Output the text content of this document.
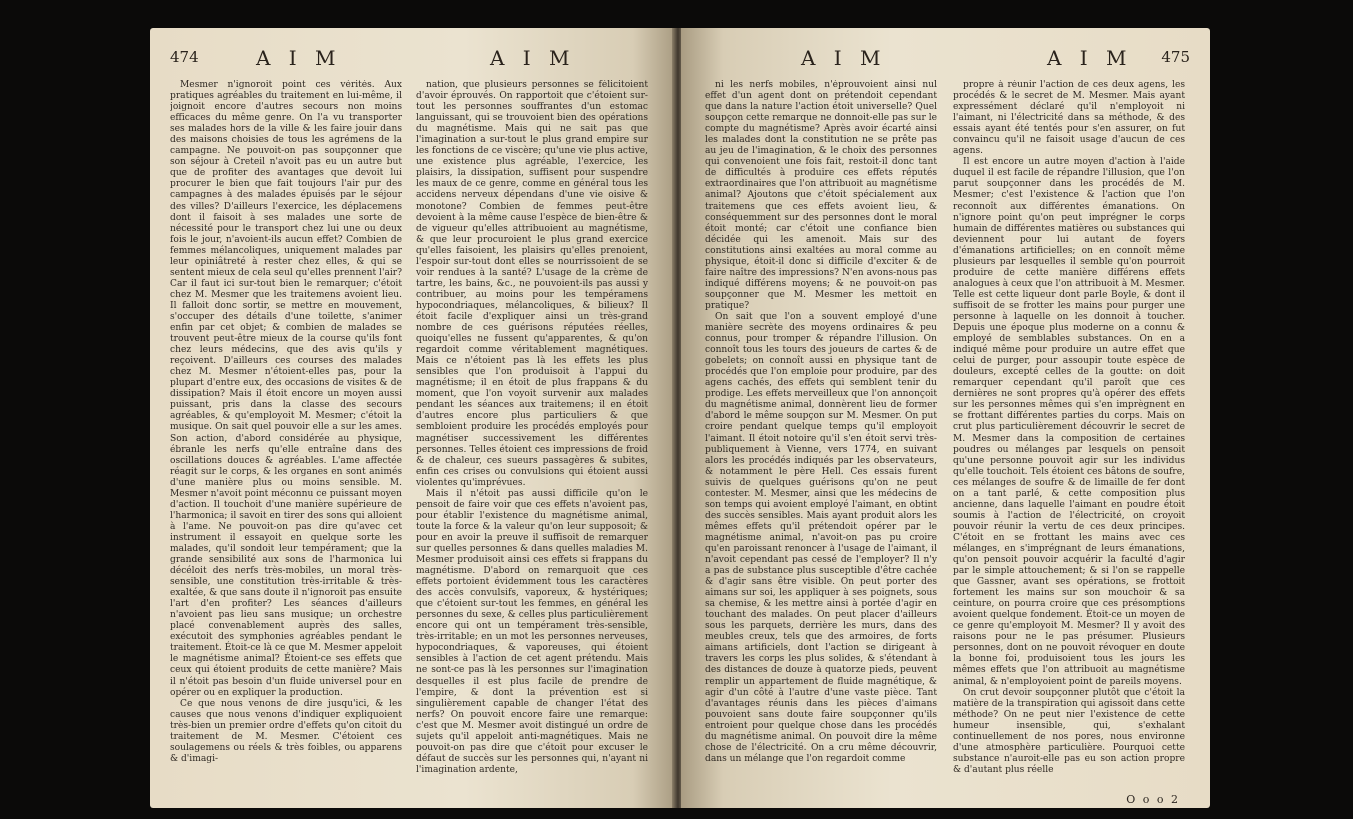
474	A I M	A I M

Mesmer n'ignoroit point ces vérités. Aux pratiques agréables du traitement en lui-même, il joignoit encore d'autres secours non moins efficaces du même genre. On l'a vu transporter ses malades hors de la ville & les faire jouir dans des maisons choisies de tous les agrémens de la campagne. Ne pouvoit-on pas soupçonner que son séjour à Creteil n'avoit pas eu un autre but que de profiter des avantages que devoit lui procurer le bien que fait toujours l'air pur des campagnes à des malades épuisés par le séjour des villes? D'ailleurs l'exercice, les déplacemens dont il faisoit à ses malades une sorte de nécessité pour le transport chez lui une ou deux fois le jour, n'avoient-ils aucun effet? Combien de femmes mélancoliques, uniquement malades par leur opiniâtreté à rester chez elles, & qui se sentent mieux de cela seul qu'elles prennent l'air? Car il faut ici sur-tout bien le remarquer; c'étoit chez M. Mesmer que les traitemens avoient lieu. Il falloit donc sortir, se mettre en mouvement, s'occuper des détails d'une toilette, s'animer enfin par cet objet; & combien de malades se trouvent peut-être mieux de la course qu'ils font chez leurs médecins, que des avis qu'ils y reçoivent. D'ailleurs ces courses des malades chez M. Mesmer n'étoient-elles pas, pour la plupart d'entre eux, des occasions de visites & de dissipation? Mais il étoit encore un moyen aussi puissant, pris dans la classe des secours agréables, & qu'employoit M. Mesmer; c'étoit la musique. On sait quel pouvoir elle a sur les ames. Son action, d'abord considérée au physique, ébranle les nerfs qu'elle entraîne dans des oscillations douces & agréables. L'ame affectée réagit sur le corps, & les organes en sont animés d'une manière plus ou moins sensible. M. Mesmer n'avoit point méconnu ce puissant moyen d'action. Il touchoit d'une manière supérieure de l'harmonica; il savoit en tirer des sons qui alloient à l'ame. Ne pouvoit-on pas dire qu'avec cet instrument il essayoit en quelque sorte les malades, qu'il sondoit leur tempérament; que la grande sensibilité aux sons de l'harmonica lui décéloit des nerfs très-mobiles, un moral très-sensible, une constitution très-irritable & très-exaltée, & que sans doute il n'ignoroit pas ensuite l'art d'en profiter? Les séances d'ailleurs n'avoient pas lieu sans musique; un orchestre placé convenablement auprès des salles, exécutoit des symphonies agréables pendant le traitement. Étoit-ce là ce que M. Mesmer appeloit le magnétisme animal? Étoient-ce ses effets que ceux qui étoient produits de cette manière? Mais il n'étoit pas besoin d'un fluide universel pour en opérer ou en expliquer la production.

Ce que nous venons de dire jusqu'ici, & les causes que nous venons d'indiquer expliquoient très-bien un premier ordre d'effets qu'on citoit du traitement de M. Mesmer. C'étoient ces soulagemens ou réels & très foibles, ou apparens & d'imagi-

nation, que plusieurs personnes se félicitoient d'avoir éprouvés. On rapportoit que c'étoient sur-tout les personnes souffrantes d'un estomac languissant, qui se trouvoient bien des opérations du magnétisme. Mais qui ne sait pas que l'imagination a sur-tout le plus grand empire sur les fonctions de ce viscère; qu'une vie plus active, une existence plus agréable, l'exercice, les plaisirs, la dissipation, suffisent pour suspendre les maux de ce genre, comme en général tous les accidens nerveux dépendans d'une vie oisive & monotone? Combien de femmes peut-être devoient à la même cause l'espèce de bien-être & de vigueur qu'elles attribuoient au magnétisme, & que leur procuroient le plus grand exercice qu'elles faisoient, les plaisirs qu'elles prenoient, l'espoir sur-tout dont elles se nourrissoient de se voir rendues à la santé? L'usage de la crème de tartre, les bains, &c., ne pouvoient-ils pas aussi y contribuer, au moins pour les tempéramens hypocondriaques, mélancoliques, & bilieux? Il étoit facile d'expliquer ainsi un très-grand nombre de ces guérisons réputées réelles, quoiqu'elles ne fussent qu'apparentes, & qu'on regardoit comme véritablement magnétiques. Mais ce n'étoient pas là les effets les plus sensibles que l'on produisoit à l'appui du magnétisme; il en étoit de plus frappans & du moment, que l'on voyoit survenir aux malades pendant les séances aux traitemens; il en étoit d'autres encore plus particuliers & que sembloient produire les procédés employés pour magnétiser successivement les différentes personnes. Telles étoient ces impressions de froid & de chaleur, ces sueurs passagères & subites, enfin ces crises ou convulsions qui étoient aussi violentes qu'imprévues.

Mais il n'étoit pas aussi difficile qu'on le pensoit de faire voir que ces effets n'avoient pas, pour établir l'existence du magnétisme animal, toute la force & la valeur qu'on leur supposoit; & pour en avoir la preuve il suffisoit de remarquer sur quelles personnes & dans quelles maladies M. Mesmer produisoit ainsi ces effets si frappans du magnétisme. D'abord on remarquoit que ces effets portoient évidemment tous les caractères des accès convulsifs, vaporeux, & hystériques; que c'étoient sur-tout les femmes, en général les personnes du sexe, & celles plus particulièrement encore qui ont un tempérament très-sensible, très-irritable; en un mot les personnes nerveuses, hypocondriaques, & vaporeuses, qui étoient sensibles à l'action de cet agent prétendu. Mais ne sont-ce pas là les personnes sur l'imagination desquelles il est plus facile de prendre de l'empire, & dont la prévention est si singulièrement capable de changer l'état des nerfs? On pouvoit encore faire une remarque: c'est que M. Mesmer avoit distingué un ordre de sujets qu'il appeloit anti-magnétiques. Mais ne pouvoit-on pas dire que c'étoit pour excuser le défaut de succès sur les personnes qui, n'ayant ni l'imagination ardente,

A I M	A I M 475

ni les nerfs mobiles, n'éprouvoient ainsi nul effet d'un agent dont on prétendoit cependant que dans la nature l'action étoit universelle? Quel soupçon cette remarque ne donnoit-elle pas sur le compte du magnétisme? Après avoir écarté ainsi les malades dont la constitution ne se prête pas au jeu de l'imagination, & le choix des personnes qui convenoient une fois fait, restoit-il donc tant de difficultés à produire ces effets réputés extraordinaires que l'on attribuoit au magnétisme animal? Ajoutons que c'étoit spécialement aux traitemens que ces effets avoient lieu, & conséquemment sur des personnes dont le moral étoit monté; car c'étoit une confiance bien décidée qui les amenoit. Mais sur des constitutions ainsi exaltées au moral comme au physique, étoit-il donc si difficile d'exciter & de faire naître des impressions? N'en avons-nous pas indiqué différens moyens; & ne pouvoit-on pas soupçonner que M. Mesmer les mettoit en pratique?

On sait que l'on a souvent employé d'une manière secrète des moyens ordinaires & peu connus, pour tromper & répandre l'illusion. On connoît tous les tours des joueurs de cartes & de gobelets; on connoît aussi en physique tant de procédés que l'on emploie pour produire, par des agens cachés, des effets qui semblent tenir du prodige. Les effets merveilleux que l'on annonçoit du magnétisme animal, donnèrent lieu de former d'abord le même soupçon sur M. Mesmer. On put croire pendant quelque temps qu'il employoit l'aimant. Il étoit notoire qu'il s'en étoit servi très-publiquement à Vienne, vers 1774, en suivant alors les procédés indiqués par les observateurs, & notamment le père Hell. Ces essais furent suivis de quelques guérisons qu'on ne peut contester. M. Mesmer, ainsi que les médecins de son temps qui avoient employé l'aimant, en obtint des succès sensibles. Mais ayant produit alors les mêmes effets qu'il prétendoit opérer par le magnétisme animal, n'avoit-on pas pu croire qu'en paroissant renoncer à l'usage de l'aimant, il n'avoit cependant pas cessé de l'employer? Il n'y a pas de substance plus susceptible d'être cachée & d'agir sans être visible. On peut porter des aimans sur soi, les appliquer à ses poignets, sous sa chemise, & les mettre ainsi à portée d'agir en touchant des malades. On peut placer d'ailleurs sous les parquets, derrière les murs, dans des meubles creux, tels que des armoires, de forts aimans artificiels, dont l'action se dirigeant à travers les corps les plus solides, & s'étendant à des distances de douze à quatorze pieds, peuvent remplir un appartement de fluide magnétique, & agir d'un côté à l'autre d'une vaste pièce. Tant d'avantages réunis dans les pièces d'aimans pouvoient sans doute faire soupçonner qu'ils entroient pour quelque chose dans les procédés du magnétisme animal. On pouvoit dire la même chose de l'électricité. On a cru même découvrir, dans un mélange que l'on regardoit comme

propre à réunir l'action de ces deux agens, les procédés & le secret de M. Mesmer. Mais ayant expressément déclaré qu'il n'employoit ni l'aimant, ni l'électricité dans sa méthode, & des essais ayant été tentés pour s'en assurer, on fut convaincu qu'il ne faisoit usage d'aucun de ces agens.

Il est encore un autre moyen d'action à l'aide duquel il est facile de répandre l'illusion, que l'on parut soupçonner dans les procédés de M. Mesmer; c'est l'existence & l'action que l'on reconnoît aux différentes émanations. On n'ignore point qu'on peut imprégner le corps humain de différentes matières ou substances qui deviennent pour lui autant de foyers d'émanations artificielles; on en connoît même plusieurs par lesquelles il semble qu'on pourroit produire de cette manière différens effets analogues à ceux que l'on attribuoit à M. Mesmer. Telle est cette liqueur dont parle Boyle, & dont il suffisoit de se frotter les mains pour purger une personne à laquelle on les donnoit à toucher. Depuis une époque plus moderne on a connu & employé de semblables substances. On en a indiqué même pour produire un autre effet que celui de purger, pour assoupir toute espèce de douleurs, excepté celles de la goutte: on doit remarquer cependant qu'il paroît que ces dernières ne sont propres qu'à opérer des effets sur les personnes mêmes qui s'en imprègnent en se frottant différentes parties du corps. Mais on crut plus particulièrement découvrir le secret de M. Mesmer dans la composition de certaines poudres ou mélanges par lesquels on pensoit qu'une personne pouvoit agir sur les individus qu'elle touchoit. Tels étoient ces bâtons de soufre, ces mélanges de soufre & de limaille de fer dont on a tant parlé, & cette composition plus ancienne, dans laquelle l'aimant en poudre étoit soumis à l'action de l'électricité, on croyoit pouvoir réunir la vertu de ces deux principes. C'étoit en se frottant les mains avec ces mélanges, en s'imprégnant de leurs émanations, qu'on pensoit pouvoir acquérir la faculté d'agir par le simple attouchement; & si l'on se rappelle que Gassner, avant ses opérations, se frottoit fortement les mains sur son mouchoir & sa ceinture, on pourra croire que ces présomptions avoient quelque fondement. Étoit-ce un moyen de ce genre qu'employoit M. Mesmer? Il y avoit des raisons pour ne le pas présumer. Plusieurs personnes, dont on ne pouvoit révoquer en doute la bonne foi, produisoient tous les jours les mêmes effets que l'on attribuoit au magnétisme animal, & n'employoient point de pareils moyens.

On crut devoir soupçonner plutôt que c'étoit la matière de la transpiration qui agissoit dans cette méthode? On ne peut nier l'existence de cette humeur insensible, qui, s'exhalant continuellement de nos pores, nous environne d'une atmosphère particulière. Pourquoi cette substance n'auroit-elle pas eu son action propre & d'autant plus réelle

O o o 2
